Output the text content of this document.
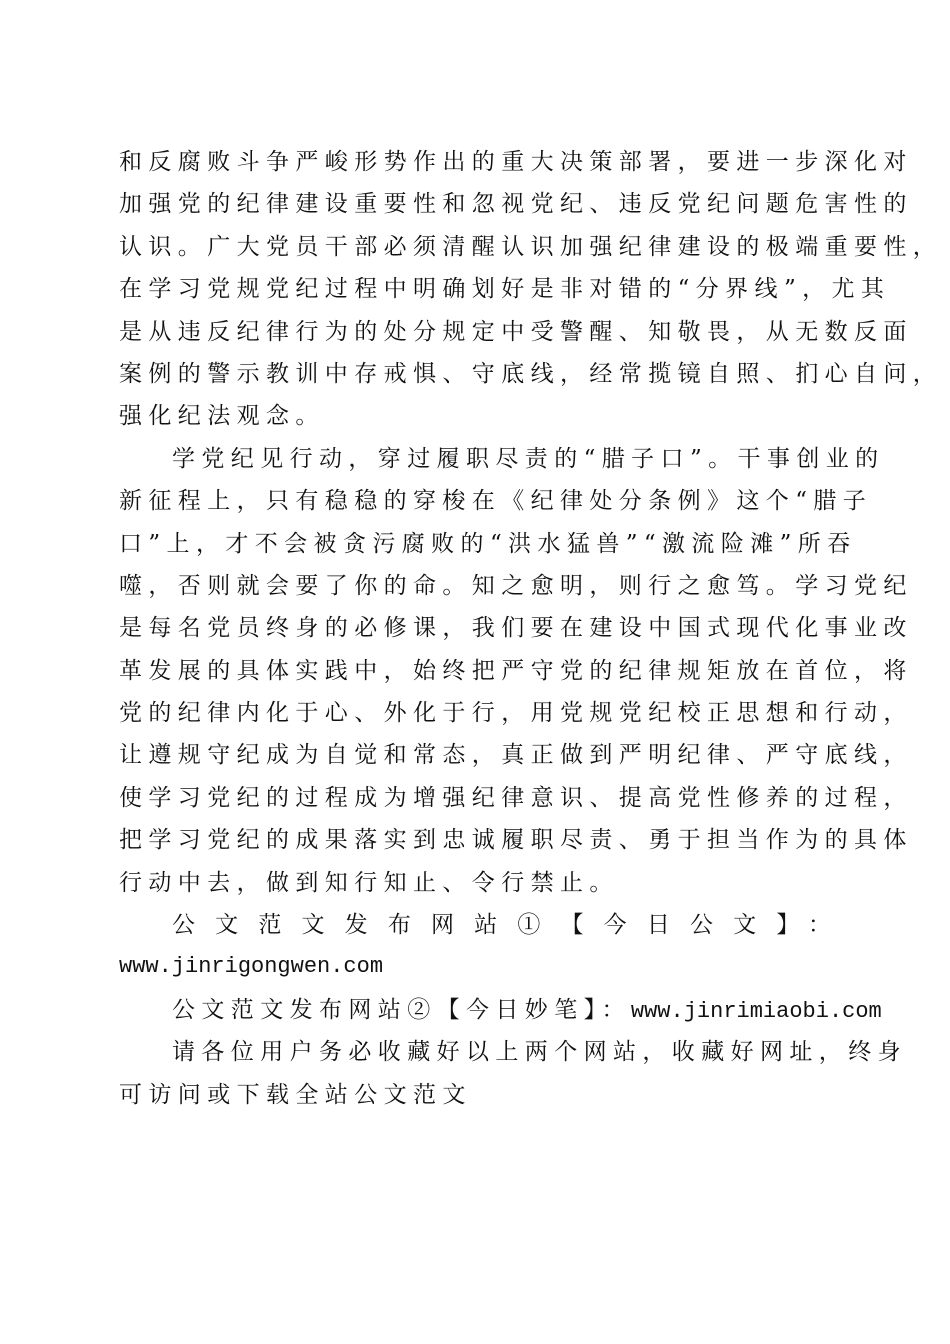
和反腐败斗争严峻形势作出的重大决策部署，要进一步深化对
加强党的纪律建设重要性和忽视党纪、违反党纪问题危害性的
认识。广大党员干部必须清醒认识加强纪律建设的极端重要性，
在学习党规党纪过程中明确划好是非对错的“分界线”，尤其
是从违反纪律行为的处分规定中受警醒、知敬畏，从无数反面
案例的警示教训中存戒惧、守底线，经常揽镜自照、扪心自问，
强化纪法观念。
学党纪见行动，穿过履职尽责的“腊子口”。干事创业的
新征程上，只有稳稳的穿梭在《纪律处分条例》这个“腊子
口”上，才不会被贪污腐败的“洪水猛兽”“激流险滩”所吞
噬，否则就会要了你的命。知之愈明，则行之愈笃。学习党纪
是每名党员终身的必修课，我们要在建设中国式现代化事业改
革发展的具体实践中，始终把严守党的纪律规矩放在首位，将
党的纪律内化于心、外化于行，用党规党纪校正思想和行动，
让遵规守纪成为自觉和常态，真正做到严明纪律、严守底线，
使学习党纪的过程成为增强纪律意识、提高党性修养的过程，
把学习党纪的成果落实到忠诚履职尽责、勇于担当作为的具体
行动中去，做到知行知止、令行禁止。
公文范文发布网站①【今日公文】：
www.jinrigongwen.com
公文范文发布网站②【今日妙笔】：www.jinrimiaobi.com
请各位用户务必收藏好以上两个网站，收藏好网址，终身
可访问或下载全站公文范文
